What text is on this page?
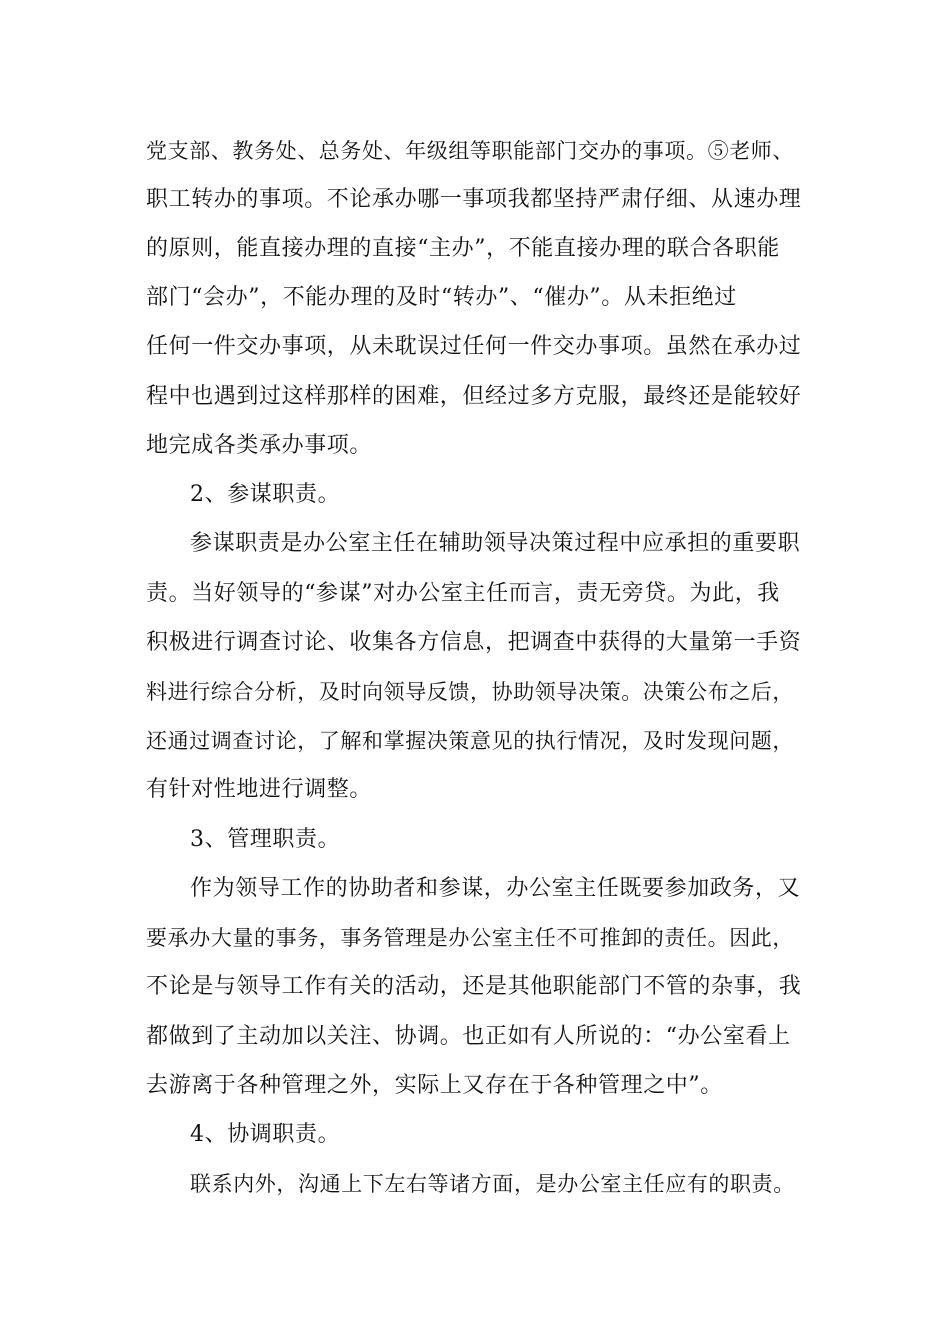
党支部、教务处、总务处、年级组等职能部门交办的事项。⑤老师、
职工转办的事项。不论承办哪一事项我都坚持严肃仔细、从速办理
的原则，能直接办理的直接“主办”，不能直接办理的联合各职能
部门“会办”，不能办理的及时“转办”、“催办”。从未拒绝过
任何一件交办事项，从未耽误过任何一件交办事项。虽然在承办过
程中也遇到过这样那样的困难，但经过多方克服，最终还是能较好
地完成各类承办事项。
2、参谋职责。
参谋职责是办公室主任在辅助领导决策过程中应承担的重要职
责。当好领导的“参谋”对办公室主任而言，责无旁贷。为此，我
积极进行调查讨论、收集各方信息，把调查中获得的大量第一手资
料进行综合分析，及时向领导反馈，协助领导决策。决策公布之后，
还通过调查讨论，了解和掌握决策意见的执行情况，及时发现问题，
有针对性地进行调整。
3、管理职责。
作为领导工作的协助者和参谋，办公室主任既要参加政务，又
要承办大量的事务，事务管理是办公室主任不可推卸的责任。因此，
不论是与领导工作有关的活动，还是其他职能部门不管的杂事，我
都做到了主动加以关注、协调。也正如有人所说的：“办公室看上
去游离于各种管理之外，实际上又存在于各种管理之中”。
4、协调职责。
联系内外，沟通上下左右等诸方面，是办公室主任应有的职责。
